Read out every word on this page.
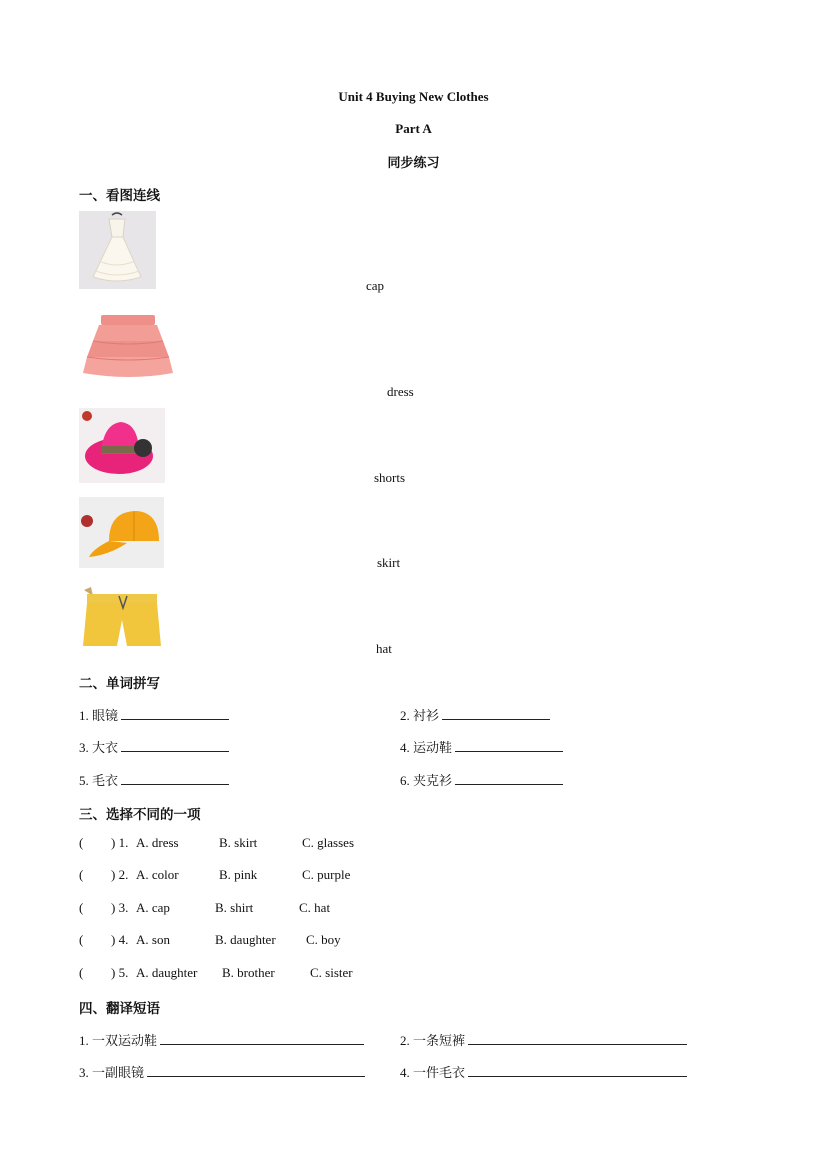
Unit 4 Buying New Clothes
Part A
同步练习
一、看图连线
cap
dress
shorts
skirt
hat
二、单词拼写
1. 眼镜	2. 衬衫
3. 大衣	4. 运动鞋
5. 毛衣	6. 夹克衫
三、选择不同的一项
( ) 1. A. dress	B. skirt	C. glasses
( ) 2. A. color	B. pink	C. purple
( ) 3. A. cap	B. shirt	C. hat
( ) 4. A. son	B. daughter C. boy
( ) 5. A. daughter B. brother	C. sister
四、翻译短语
1. 一双运动鞋	2. 一条短裤
3. 一副眼镜	4. 一件毛衣
